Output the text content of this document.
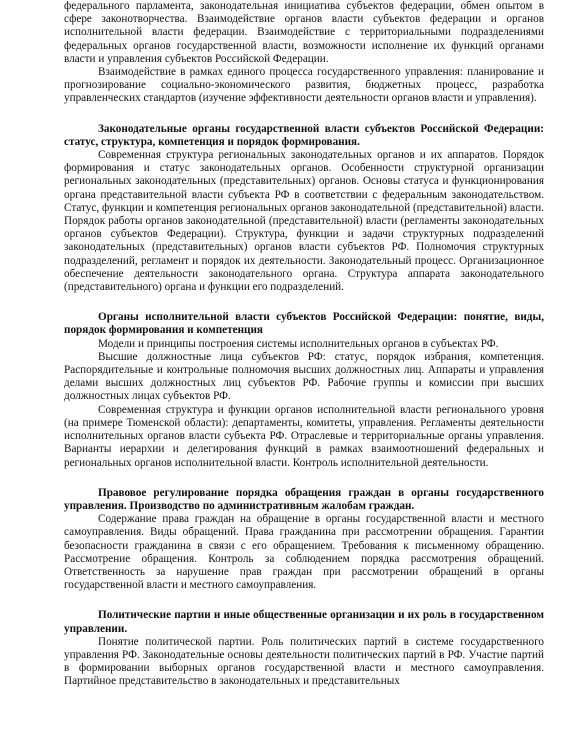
федерального парламента, законодательная инициатива субъектов федерации, обмен опытом в сфере законотворчества. Взаимодействие органов власти субъектов федерации и органов исполнительной власти федерации. Взаимодействие с территориальными подразделениями федеральных органов государственной власти, возможности исполнение их функций органами власти и управления субъектов Российской Федерации.

Взаимодействие в рамках единого процесса государственного управления: планирование и прогнозирование социально-экономического развития, бюджетных процесс, разработка управленческих стандартов (изучение эффективности деятельности органов власти и управления).

Законодательные органы государственной власти субъектов Российской Федерации: статус, структура, компетенция и порядок формирования.

Современная структура региональных законодательных органов и их аппаратов. Порядок формирования и статус законодательных органов. Особенности структурной организации региональных законодательных (представительных) органов. Основы статуса и функционирования органа представительной власти субъекта РФ в соответствии с федеральным законодательством. Статус, функции и компетенция региональных органов законодательной (представительной) власти. Порядок работы органов законодательной (представительной) власти (регламенты законодательных органов субъектов Федерации). Структура, функции и задачи структурных подразделений законодательных (представительных) органов власти субъектов РФ. Полномочия структурных подразделений, регламент и порядок их деятельности. Законодательный процесс. Организационное обеспечение деятельности законодательного органа. Структура аппарата законодательного (представительного) органа и функции его подразделений.

Органы исполнительной власти субъектов Российской Федерации: понятие, виды, порядок формирования и компетенция

Модели и принципы построения системы исполнительных органов в субъектах РФ.

Высшие должностные лица субъектов РФ: статус, порядок избрания, компетенция. Распорядительные и контрольные полномочия высших должностных лиц. Аппараты и управления делами высших должностных лиц субъектов РФ. Рабочие группы и комиссии при высших должностных лицах субъектов РФ.

Современная структура и функции органов исполнительной власти регионального уровня (на примере Тюменской области): департаменты, комитеты, управления. Регламенты деятельности исполнительных органов власти субъекта РФ. Отраслевые и территориальные органы управления. Варианты иерархии и делегирования функций в рамках взаимоотношений федеральных и региональных органов исполнительной власти. Контроль исполнительной деятельности.

Правовое регулирование порядка обращения граждан в органы государственного управления. Производство по административным жалобам граждан.

Содержание права граждан на обращение в органы государственной власти и местного самоуправления. Виды обращений. Права гражданина при рассмотрении обращения. Гарантии безопасности гражданина в связи с его обращением. Требования к письменному обращению. Рассмотрение обращения. Контроль за соблюдением порядка рассмотрения обращений. Ответственность за нарушение прав граждан при рассмотрении обращений в органы государственной власти и местного самоуправления.

Политические партии и иные общественные организации и их роль в государственном управлении.

Понятие политической партии. Роль политических партий в системе государственного управления РФ. Законодательные основы деятельности политических партий в РФ. Участие партий в формировании выборных органов государственной власти и местного самоуправления. Партийное представительство в законодательных и представительных
